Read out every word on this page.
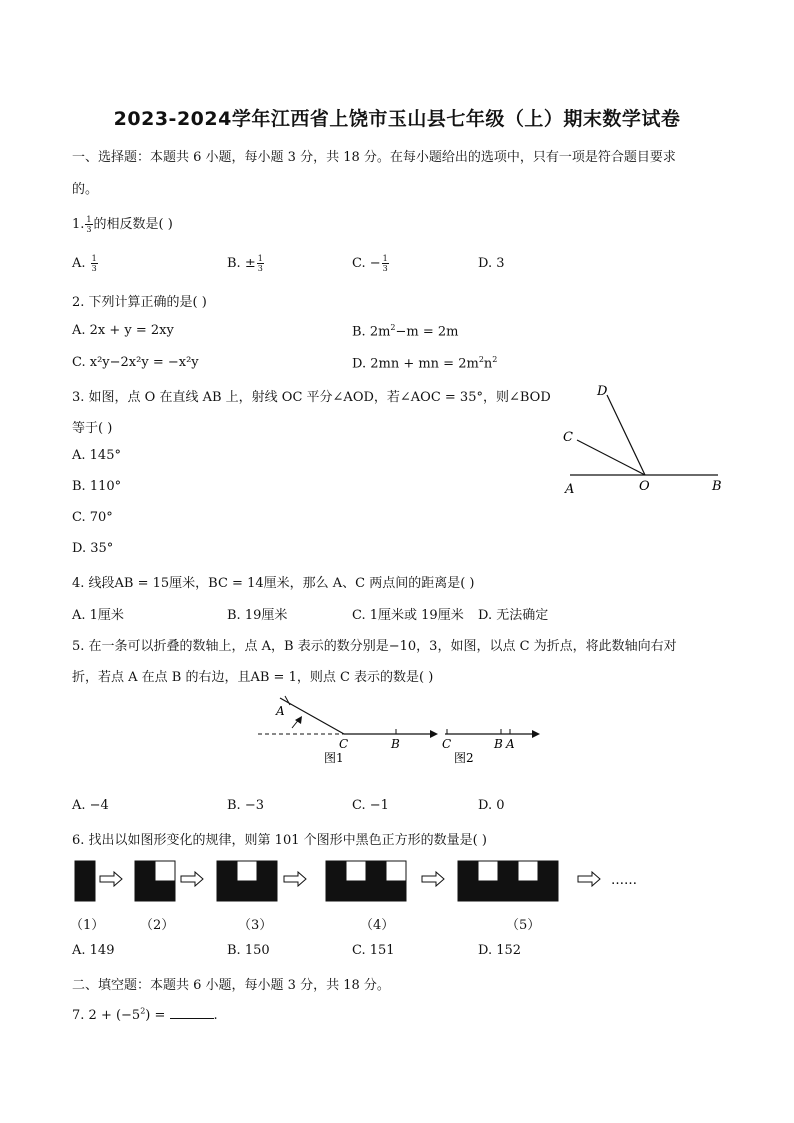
2023-2024学年江西省上饶市玉山县七年级（上）期末数学试卷
一、选择题：本题共 6 小题，每小题 3 分，共 18 分。在每小题给出的选项中，只有一项是符合题目要求
的。
1. $\frac{1}{3}$ 的相反数是( )
A. $\frac{1}{3}$	B. ± $\frac{1}{3}$	C. − $\frac{1}{3}$	D. 3
2. 下列计算正确的是( )
A. 2x + y = 2xy	B. $2m^2-m = 2m$
C. x²y−2x²y = −x²y	D. 2mn + mn = $2m^2n^2$
3. 如图，点 O 在直线 AB 上，射线 OC 平分∠AOD，若∠AOC = 35°，则∠BOD
等于( )
A. 145°
B. 110°
C. 70°
D. 35°
D
C
A	O	B
4. 线段AB = 15厘米，BC = 14厘米，那么 A、C 两点间的距离是( )
A. 1厘米	B. 19厘米	C. 1厘米或 19厘米 D. 无法确定
5. 在一条可以折叠的数轴上，点 A，B 表示的数分别是−10，3，如图，以点 C 为折点，将此数轴向右对
折，若点 A 在点 B 的右边，且AB = 1，则点 C 表示的数是( )
A
C	B
图1
C	B A
图2
A. −4	B. −3	C. −1	D. 0
6. 找出以如图形变化的规律，则第 101 个图形中黑色正方形的数量是( )
……
（1）	（2）	（3）	（4）	（5）
A. 149	B. 150	C. 151	D. 152
二、填空题：本题共 6 小题，每小题 3 分，共 18 分。
7. $2 + (-5^2)$ =	.
